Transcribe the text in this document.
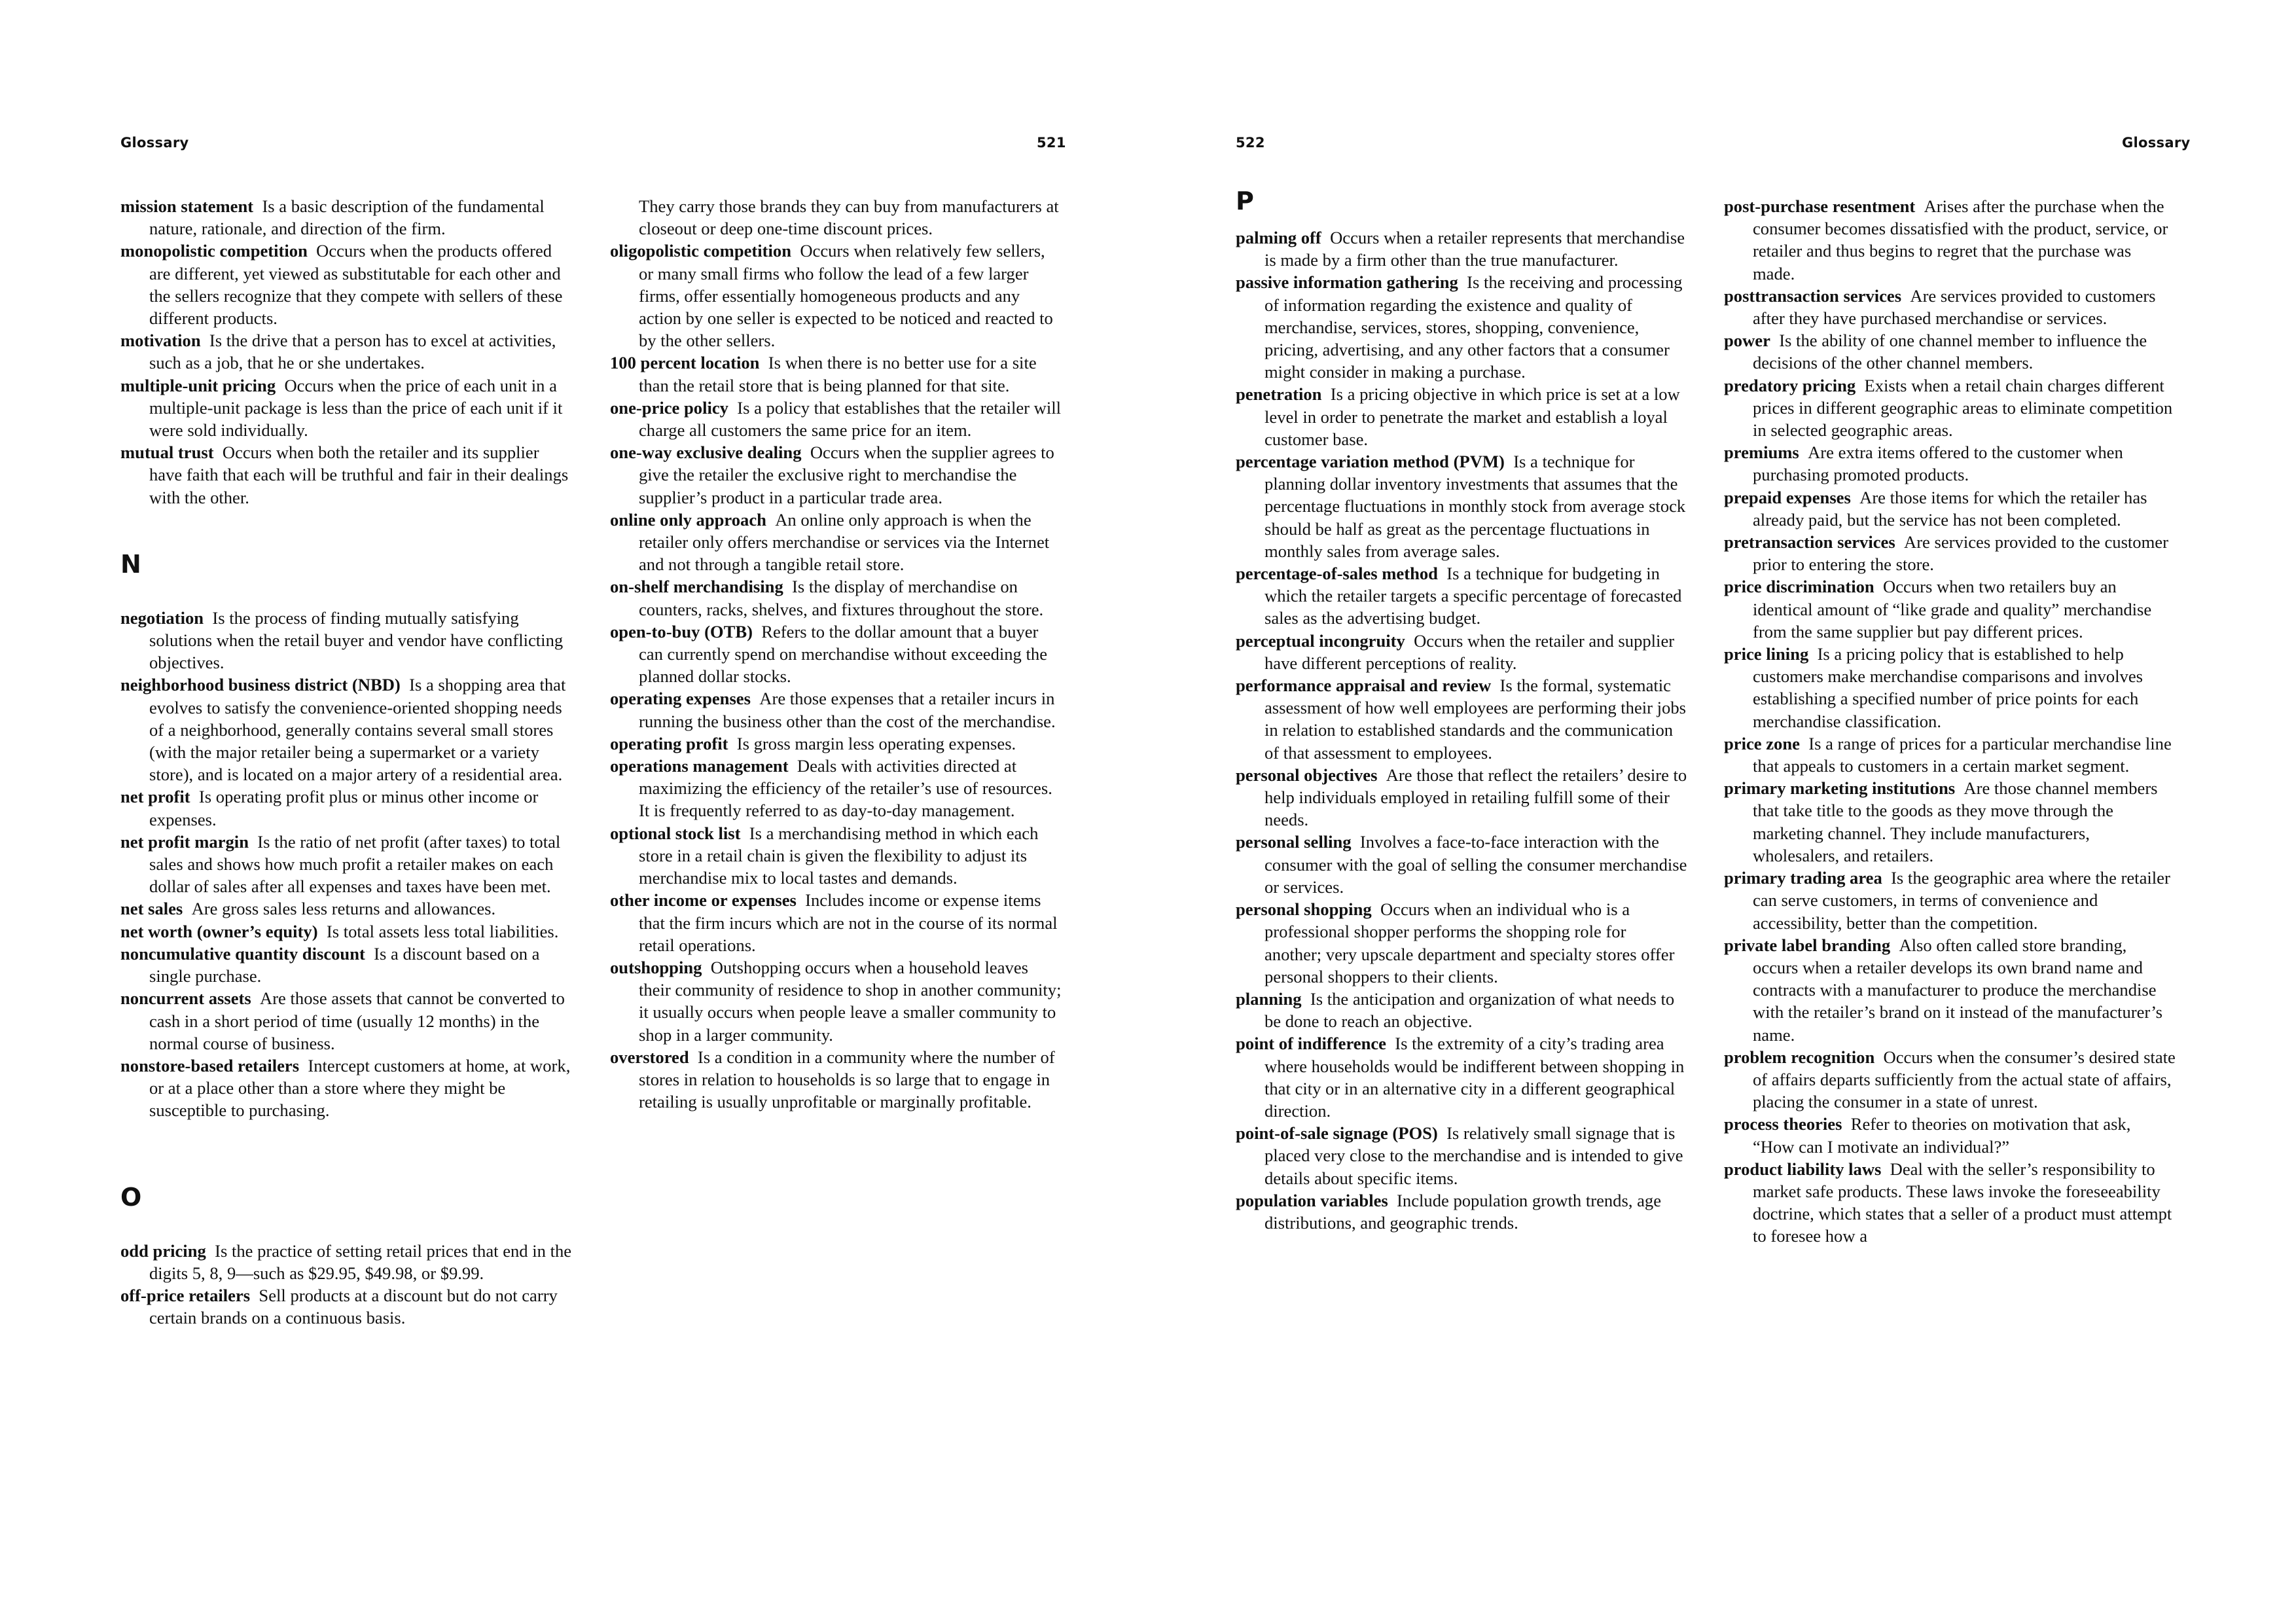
Glossary	521

mission statement  Is a basic description of the fundamental nature, rationale, and direction of the firm.

monopolistic competition  Occurs when the products offered are different, yet viewed as substitutable for each other and the sellers recognize that they compete with sellers of these different products.

motivation  Is the drive that a person has to excel at activities, such as a job, that he or she undertakes.

multiple-unit pricing  Occurs when the price of each unit in a multiple-unit package is less than the price of each unit if it were sold individually.

mutual trust  Occurs when both the retailer and its supplier have faith that each will be truthful and fair in their dealings with the other.

N

negotiation  Is the process of finding mutually satisfying solutions when the retail buyer and vendor have conflicting objectives.

neighborhood business district (NBD)  Is a shopping area that evolves to satisfy the convenience-oriented shopping needs of a neighborhood, generally contains several small stores (with the major retailer being a supermarket or a variety store), and is located on a major artery of a residential area.

net profit  Is operating profit plus or minus other income or expenses.

net profit margin  Is the ratio of net profit (after taxes) to total sales and shows how much profit a retailer makes on each dollar of sales after all expenses and taxes have been met.

net sales  Are gross sales less returns and allowances.

net worth (owner’s equity)  Is total assets less total liabilities.

noncumulative quantity discount  Is a discount based on a single purchase.

noncurrent assets  Are those assets that cannot be converted to cash in a short period of time (usually 12 months) in the normal course of business.

nonstore-based retailers  Intercept customers at home, at work, or at a place other than a store where they might be susceptible to purchasing.

O

odd pricing  Is the practice of setting retail prices that end in the digits 5, 8, 9—such as $29.95, $49.98, or $9.99.

off-price retailers  Sell products at a discount but do not carry certain brands on a continuous basis.

They carry those brands they can buy from manufacturers at closeout or deep one-time discount prices.

oligopolistic competition  Occurs when relatively few sellers, or many small firms who follow the lead of a few larger firms, offer essentially homogeneous products and any action by one seller is expected to be noticed and reacted to by the other sellers.

100 percent location  Is when there is no better use for a site than the retail store that is being planned for that site.

one-price policy  Is a policy that establishes that the retailer will charge all customers the same price for an item.

one-way exclusive dealing  Occurs when the supplier agrees to give the retailer the exclusive right to merchandise the supplier’s product in a particular trade area.

online only approach  An online only approach is when the retailer only offers merchandise or services via the Internet and not through a tangible retail store.

on-shelf merchandising  Is the display of merchandise on counters, racks, shelves, and fixtures throughout the store.

open-to-buy (OTB)  Refers to the dollar amount that a buyer can currently spend on merchandise without exceeding the planned dollar stocks.

operating expenses  Are those expenses that a retailer incurs in running the business other than the cost of the merchandise.

operating profit  Is gross margin less operating expenses.

operations management  Deals with activities directed at maximizing the efficiency of the retailer’s use of resources. It is frequently referred to as day-to-day management.

optional stock list  Is a merchandising method in which each store in a retail chain is given the flexibility to adjust its merchandise mix to local tastes and demands.

other income or expenses  Includes income or expense items that the firm incurs which are not in the course of its normal retail operations.

outshopping  Outshopping occurs when a household leaves their community of residence to shop in another community; it usually occurs when people leave a smaller community to shop in a larger community.

overstored  Is a condition in a community where the number of stores in relation to households is so large that to engage in retailing is usually unprofitable or marginally profitable.

522	Glossary
P

palming off  Occurs when a retailer represents that merchandise is made by a firm other than the true manufacturer.

passive information gathering  Is the receiving and processing of information regarding the existence and quality of merchandise, services, stores, shopping, convenience, pricing, advertising, and any other factors that a consumer might consider in making a purchase.

penetration  Is a pricing objective in which price is set at a low level in order to penetrate the market and establish a loyal customer base.

percentage variation method (PVM)  Is a technique for planning dollar inventory investments that assumes that the percentage fluctuations in monthly stock from average stock should be half as great as the percentage fluctuations in monthly sales from average sales.

percentage-of-sales method  Is a technique for budgeting in which the retailer targets a specific percentage of forecasted sales as the advertising budget.

perceptual incongruity  Occurs when the retailer and supplier have different perceptions of reality.

performance appraisal and review  Is the formal, systematic assessment of how well employees are performing their jobs in relation to established standards and the communication of that assessment to employees.

personal objectives  Are those that reflect the retailers’ desire to help individuals employed in retailing fulfill some of their needs.

personal selling  Involves a face-to-face interaction with the consumer with the goal of selling the consumer merchandise or services.

personal shopping  Occurs when an individual who is a professional shopper performs the shopping role for another; very upscale department and specialty stores offer personal shoppers to their clients.

planning  Is the anticipation and organization of what needs to be done to reach an objective.

point of indifference  Is the extremity of a city’s trading area where households would be indifferent between shopping in that city or in an alternative city in a different geographical direction.

point-of-sale signage (POS)  Is relatively small signage that is placed very close to the merchandise and is intended to give details about specific items.

population variables  Include population growth trends, age distributions, and geographic trends.

post-purchase resentment  Arises after the purchase when the consumer becomes dissatisfied with the product, service, or retailer and thus begins to regret that the purchase was made.

posttransaction services  Are services provided to customers after they have purchased merchandise or services.

power  Is the ability of one channel member to influence the decisions of the other channel members.

predatory pricing  Exists when a retail chain charges different prices in different geographic areas to eliminate competition in selected geographic areas.

premiums  Are extra items offered to the customer when purchasing promoted products.

prepaid expenses  Are those items for which the retailer has already paid, but the service has not been completed.

pretransaction services  Are services provided to the customer prior to entering the store.

price discrimination  Occurs when two retailers buy an identical amount of “like grade and quality” merchandise from the same supplier but pay different prices.

price lining  Is a pricing policy that is established to help customers make merchandise comparisons and involves establishing a specified number of price points for each merchandise classification.

price zone  Is a range of prices for a particular merchandise line that appeals to customers in a certain market segment.

primary marketing institutions  Are those channel members that take title to the goods as they move through the marketing channel. They include manufacturers, wholesalers, and retailers.

primary trading area  Is the geographic area where the retailer can serve customers, in terms of convenience and accessibility, better than the competition.

private label branding  Also often called store branding, occurs when a retailer develops its own brand name and contracts with a manufacturer to produce the merchandise with the retailer’s brand on it instead of the manufacturer’s name.

problem recognition  Occurs when the consumer’s desired state of affairs departs sufficiently from the actual state of affairs, placing the consumer in a state of unrest.

process theories  Refer to theories on motivation that ask, “How can I motivate an individual?”

product liability laws  Deal with the seller’s responsibility to market safe products. These laws invoke the foreseeability doctrine, which states that a seller of a product must attempt to foresee how a
